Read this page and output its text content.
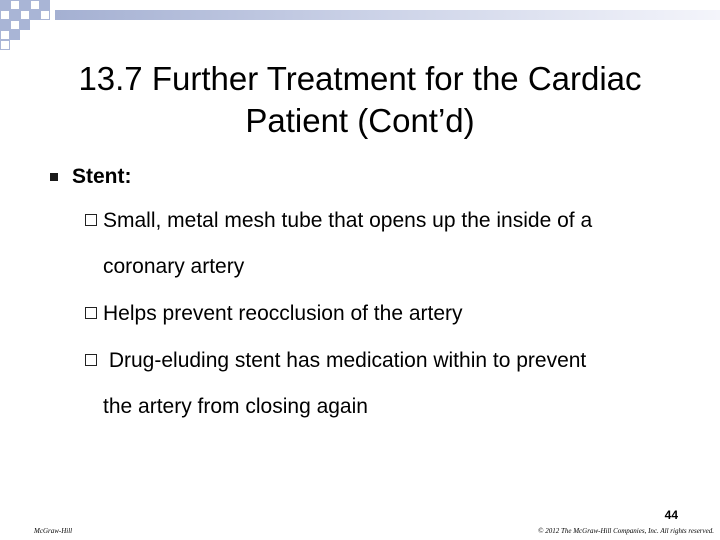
13.7 Further Treatment for the Cardiac
Patient (Cont’d)
Stent:
Small, metal mesh tube that opens up the inside of a
coronary artery
Helps prevent reocclusion of the artery
Drug-eluding stent has medication within to prevent
the artery from closing again
McGraw-Hill
44
© 2012 The McGraw-Hill Companies, Inc. All rights reserved.
